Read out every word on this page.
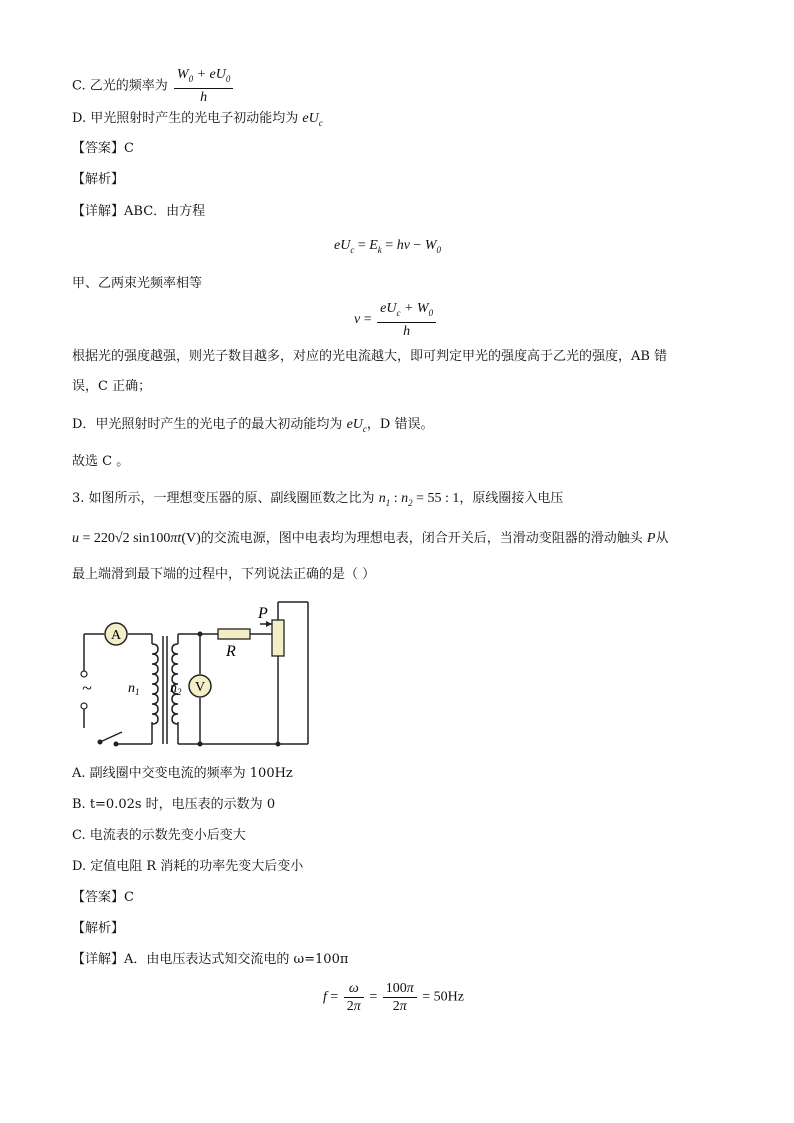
C. 乙光的频率为 $\frac{W_0 + eU_0}{h}$
D. 甲光照射时产生的光电子初动能均为 $eU_c$
【答案】C
【解析】
【详解】ABC．由方程
$eU_c = E_k = h\nu - W_0$
甲、乙两束光频率相等
$\nu = \frac{eU_c + W_0}{h}$
根据光的强度越强，则光子数目越多，对应的光电流越大，即可判定甲光的强度高于乙光的强度，AB 错
误，C 正确；
D．甲光照射时产生的光电子的最大初动能均为 $eU_c$，D 错误。
故选 C 。
3. 如图所示，一理想变压器的原、副线圈匝数之比为 $n_1$ : $n_2 = 55$ : 1，原线圈接入电压
u = 220√2 sin100πt(V)的交流电源，图中电表均为理想电表，闭合开关后，当滑动变阻器的滑动触头 P从
最上端滑到最下端的过程中，下列说法正确的是（ ）
A
V
~	$n_1$ $n_2$
R
P
A. 副线圈中交变电流的频率为 100Hz
B. t=0.02s 时，电压表的示数为 0
C. 电流表的示数先变小后变大
D. 定值电阻 R 消耗的功率先变大后变小
【答案】C
【解析】
【详解】A．由电压表达式知交流电的 ω=100π
$f = \frac{\omega}{2\pi} = \frac{100\pi}{2\pi} = 50Hz$
